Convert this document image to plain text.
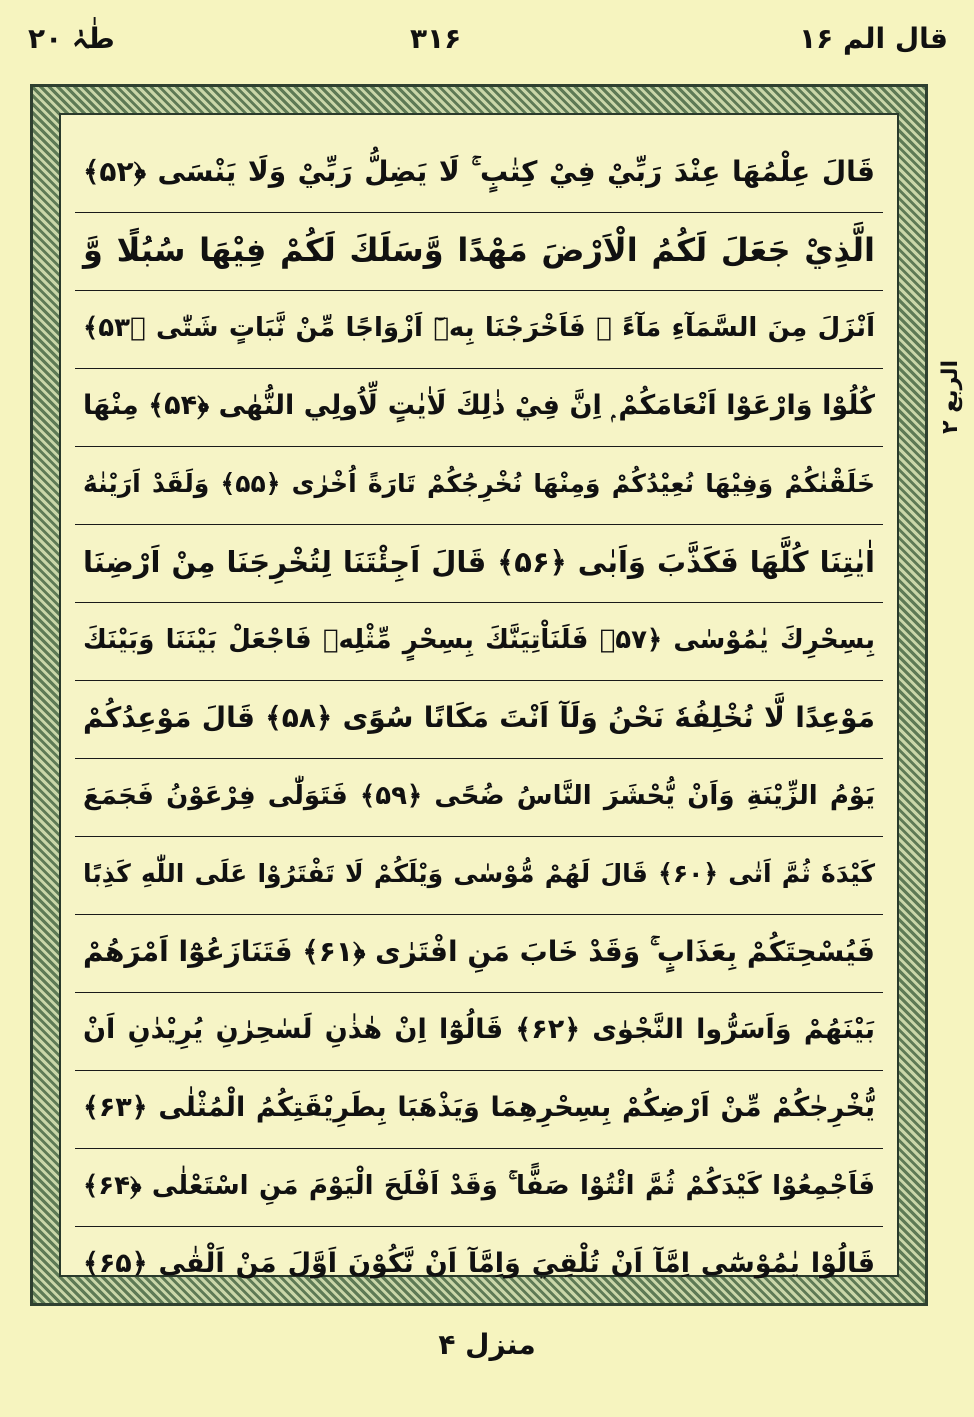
طٰہٰ ۲۰	۳۱۶	قال الم ۱۶
قَالَ عِلْمُهَا عِنْدَ رَبِّيْ فِيْ كِتٰبٍ ۚ لَا يَضِلُّ رَبِّيْ وَلَا يَنْسَى ﴿۵۲﴾
الَّذِيْ جَعَلَ لَكُمُ الْاَرْضَ مَهْدًا وَّسَلَكَ لَكُمْ فِيْهَا سُبُلًا وَّ
اَنْزَلَ مِنَ السَّمَآءِ مَآءً ۭ فَاَخْرَجْنَا بِهٖٓ اَزْوَاجًا مِّنْ نَّبَاتٍ شَتّٰى ﴿۵۳﴾
كُلُوْا وَارْعَوْا اَنْعَامَكُمْ ۭ اِنَّ فِيْ ذٰلِكَ لَاٰيٰتٍ لِّاُولِي النُّهٰى ﴿۵۴﴾ مِنْهَا
خَلَقْنٰكُمْ وَفِيْهَا نُعِيْدُكُمْ وَمِنْهَا نُخْرِجُكُمْ تَارَةً اُخْرٰى ﴿۵۵﴾ وَلَقَدْ اَرَيْنٰهُ
اٰيٰتِنَا كُلَّهَا فَكَذَّبَ وَاَبٰى ﴿۵۶﴾ قَالَ اَجِئْتَنَا لِتُخْرِجَنَا مِنْ اَرْضِنَا
بِسِحْرِكَ يٰمُوْسٰى ﴿۵۷﴾ فَلَنَاْتِيَنَّكَ بِسِحْرٍ مِّثْلِهٖ فَاجْعَلْ بَيْنَنَا وَبَيْنَكَ
مَوْعِدًا لَّا نُخْلِفُهٗ نَحْنُ وَلَآ اَنْتَ مَكَانًا سُوًى ﴿۵۸﴾ قَالَ مَوْعِدُكُمْ
يَوْمُ الزِّيْنَةِ وَاَنْ يُّحْشَرَ النَّاسُ ضُحًى ﴿۵۹﴾ فَتَوَلّٰى فِرْعَوْنُ فَجَمَعَ
كَيْدَهٗ ثُمَّ اَتٰى ﴿۶۰﴾ قَالَ لَهُمْ مُّوْسٰى وَيْلَكُمْ لَا تَفْتَرُوْا عَلَى اللّٰهِ كَذِبًا
فَيُسْحِتَكُمْ بِعَذَابٍ ۚ وَقَدْ خَابَ مَنِ افْتَرٰى ﴿۶۱﴾ فَتَنَازَعُوْٓا اَمْرَهُمْ
بَيْنَهُمْ وَاَسَرُّوا النَّجْوٰى ﴿۶۲﴾ قَالُوْٓا اِنْ هٰذٰنِ لَسٰحِرٰنِ يُرِيْدٰنِ اَنْ
يُّخْرِجٰكُمْ مِّنْ اَرْضِكُمْ بِسِحْرِهِمَا وَيَذْهَبَا بِطَرِيْقَتِكُمُ الْمُثْلٰى ﴿۶۳﴾
فَاَجْمِعُوْا كَيْدَكُمْ ثُمَّ ائْتُوْا صَفًّا ۚ وَقَدْ اَفْلَحَ الْيَوْمَ مَنِ اسْتَعْلٰى ﴿۶۴﴾
قَالُوْا يٰمُوْسٰٓى اِمَّآ اَنْ تُلْقِيَ وَاِمَّآ اَنْ نَّكُوْنَ اَوَّلَ مَنْ اَلْقٰى ﴿۶۵﴾
الربع ۲
منزل ۴
